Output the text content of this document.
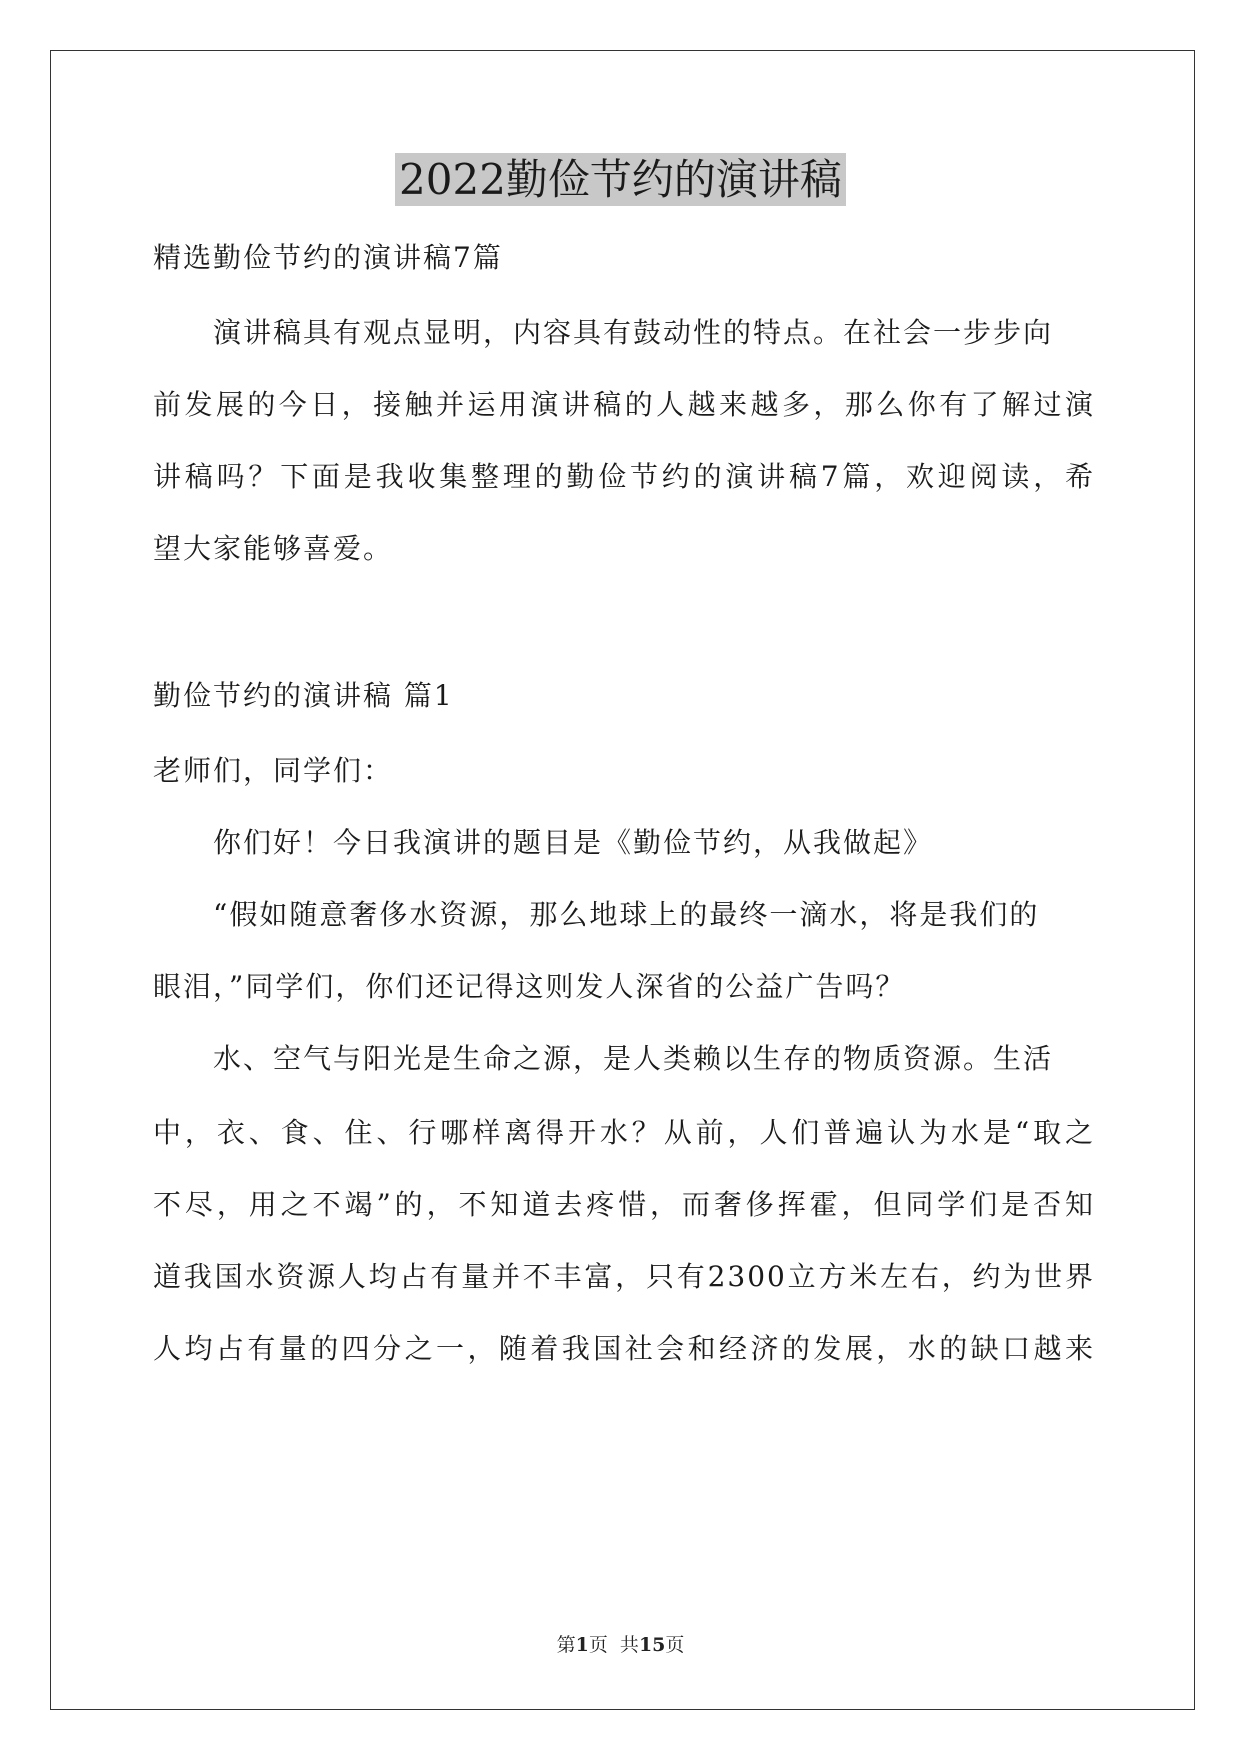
2022勤俭节约的演讲稿
精选勤俭节约的演讲稿7篇
演讲稿具有观点显明，内容具有鼓动性的特点。在社会一步步向
前发展的今日，接触并运用演讲稿的人越来越多，那么你有了解过演
讲稿吗？下面是我收集整理的勤俭节约的演讲稿7篇，欢迎阅读，希
望大家能够喜爱。
勤俭节约的演讲稿 篇1
老师们，同学们：
你们好！今日我演讲的题目是《勤俭节约，从我做起》
“假如随意奢侈水资源，那么地球上的最终一滴水，将是我们的
眼泪，”同学们，你们还记得这则发人深省的公益广告吗？
水、空气与阳光是生命之源，是人类赖以生存的物质资源。生活
中，衣、食、住、行哪样离得开水？从前，人们普遍认为水是“取之
不尽，用之不竭”的，不知道去疼惜，而奢侈挥霍，但同学们是否知
道我国水资源人均占有量并不丰富，只有2300立方米左右，约为世界
人均占有量的四分之一，随着我国社会和经济的发展，水的缺口越来
第1页  共15页
